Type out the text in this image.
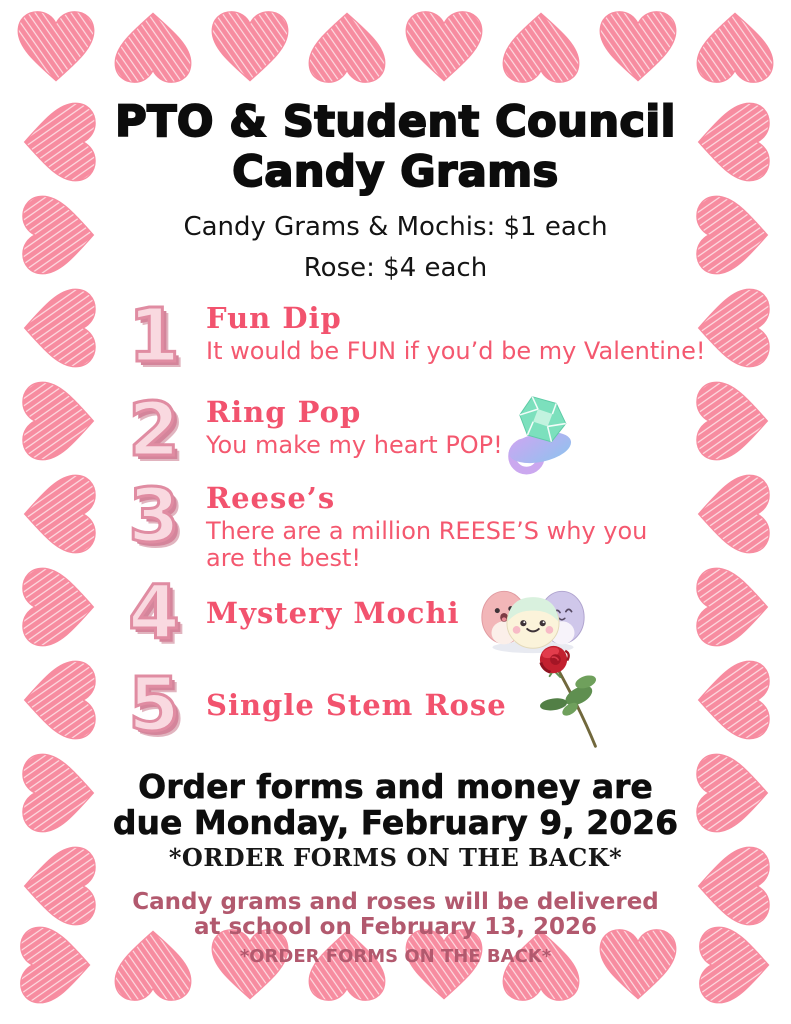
PTO & Student Council
Candy Grams
Candy Grams & Mochis: $1 each
Rose: $4 each
1 Fun Dip
It would be FUN if you’d be my Valentine!
2 Ring Pop
You make my heart POP!
3 Reese’s
There are a million REESE’S why you are the best!
4 Mystery Mochi
5 Single Stem Rose
Order forms and money are
due Monday, February 9, 2026
*ORDER FORMS ON THE BACK*
Candy grams and roses will be delivered
at school on February 13, 2026
*ORDER FORMS ON THE BACK*
